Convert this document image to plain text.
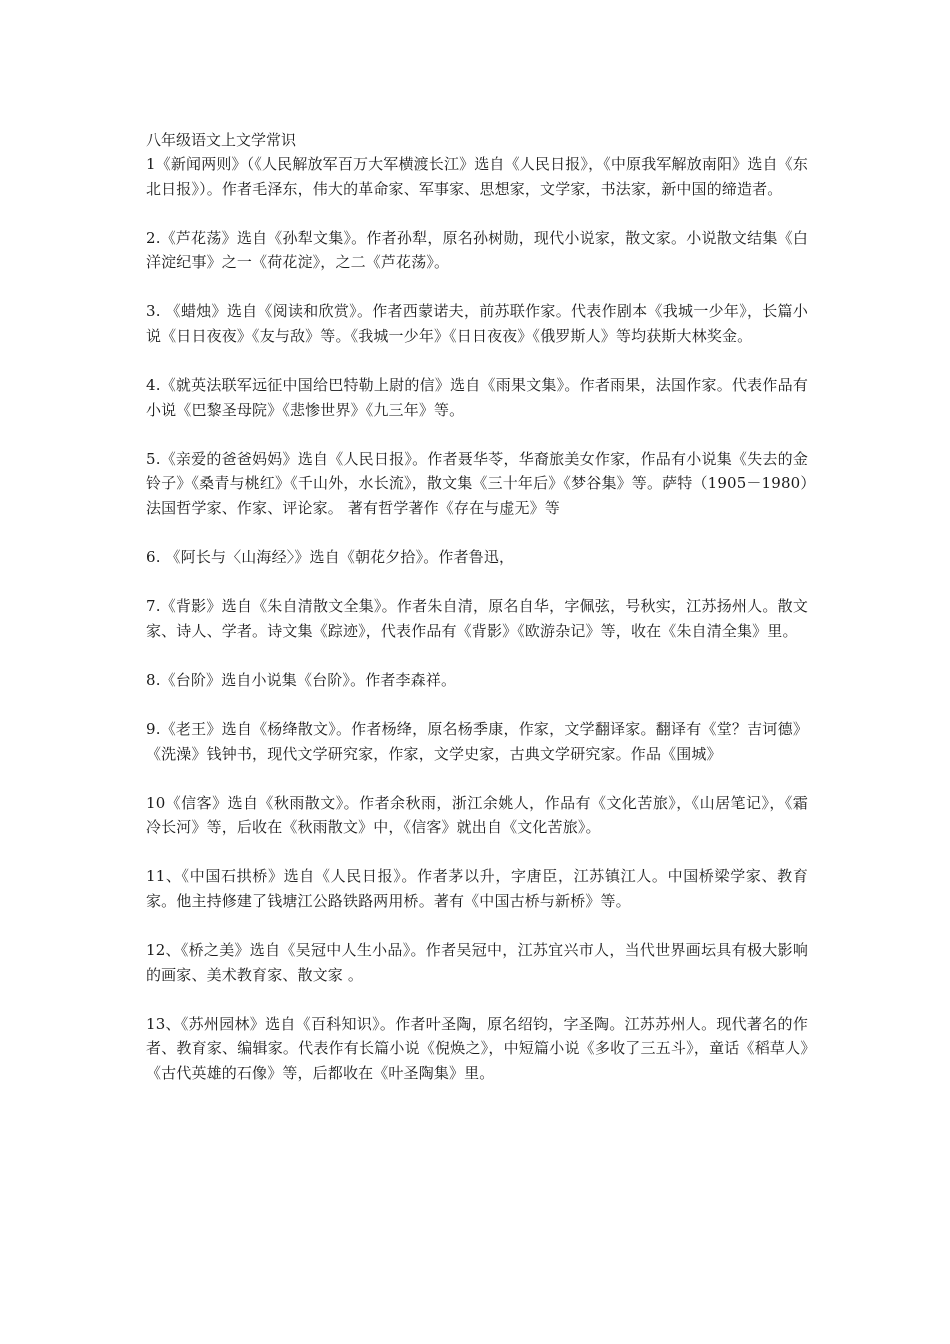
八年级语文上文学常识

1《新闻两则》（《人民解放军百万大军横渡长江》选自《人民日报》，《中原我军解放南阳》选自《东北日报》）。作者毛泽东，伟大的革命家、军事家、思想家，文学家，书法家，新中国的缔造者。

2.《芦花荡》选自《孙犁文集》。作者孙犁，原名孙树勋，现代小说家，散文家。小说散文结集《白洋淀纪事》之一《荷花淀》，之二《芦花荡》。

3. 《蜡烛》选自《阅读和欣赏》。作者西蒙诺夫，前苏联作家。代表作剧本《我城一少年》，长篇小说《日日夜夜》《友与敌》等。《我城一少年》《日日夜夜》《俄罗斯人》等均获斯大林奖金。

4.《就英法联军远征中国给巴特勒上尉的信》选自《雨果文集》。作者雨果，法国作家。代表作品有小说《巴黎圣母院》《悲惨世界》《九三年》等。

5.《亲爱的爸爸妈妈》选自《人民日报》。作者聂华苓，华裔旅美女作家，作品有小说集《失去的金铃子》《桑青与桃红》《千山外，水长流》，散文集《三十年后》《梦谷集》等。萨特（1905－1980）法国哲学家、作家、评论家。 著有哲学著作《存在与虚无》等

6. 《阿长与〈山海经〉》选自《朝花夕拾》。作者鲁迅，

7.《背影》选自《朱自清散文全集》。作者朱自清，原名自华，字佩弦，号秋实，江苏扬州人。散文家、诗人、学者。诗文集《踪迹》，代表作品有《背影》《欧游杂记》等，收在《朱自清全集》里。

8.《台阶》选自小说集《台阶》。作者李森祥。

9.《老王》选自《杨绛散文》。作者杨绛，原名杨季康，作家，文学翻译家。翻译有《堂？吉诃德》《洗澡》钱钟书，现代文学研究家，作家，文学史家，古典文学研究家。作品《围城》

10《信客》选自《秋雨散文》。作者余秋雨，浙江余姚人，作品有《文化苦旅》，《山居笔记》，《霜冷长河》等，后收在《秋雨散文》中，《信客》就出自《文化苦旅》。

11、《中国石拱桥》选自《人民日报》。作者茅以升，字唐臣，江苏镇江人。中国桥梁学家、教育家。他主持修建了钱塘江公路铁路两用桥。著有《中国古桥与新桥》等。

12、《桥之美》选自《吴冠中人生小品》。作者吴冠中，江苏宜兴市人，当代世界画坛具有极大影响的画家、美术教育家、散文家 。

13、《苏州园林》选自《百科知识》。作者叶圣陶，原名绍钧，字圣陶。江苏苏州人。现代著名的作者、教育家、编辑家。代表作有长篇小说《倪焕之》，中短篇小说《多收了三五斗》，童话《稻草人》《古代英雄的石像》等，后都收在《叶圣陶集》里。
